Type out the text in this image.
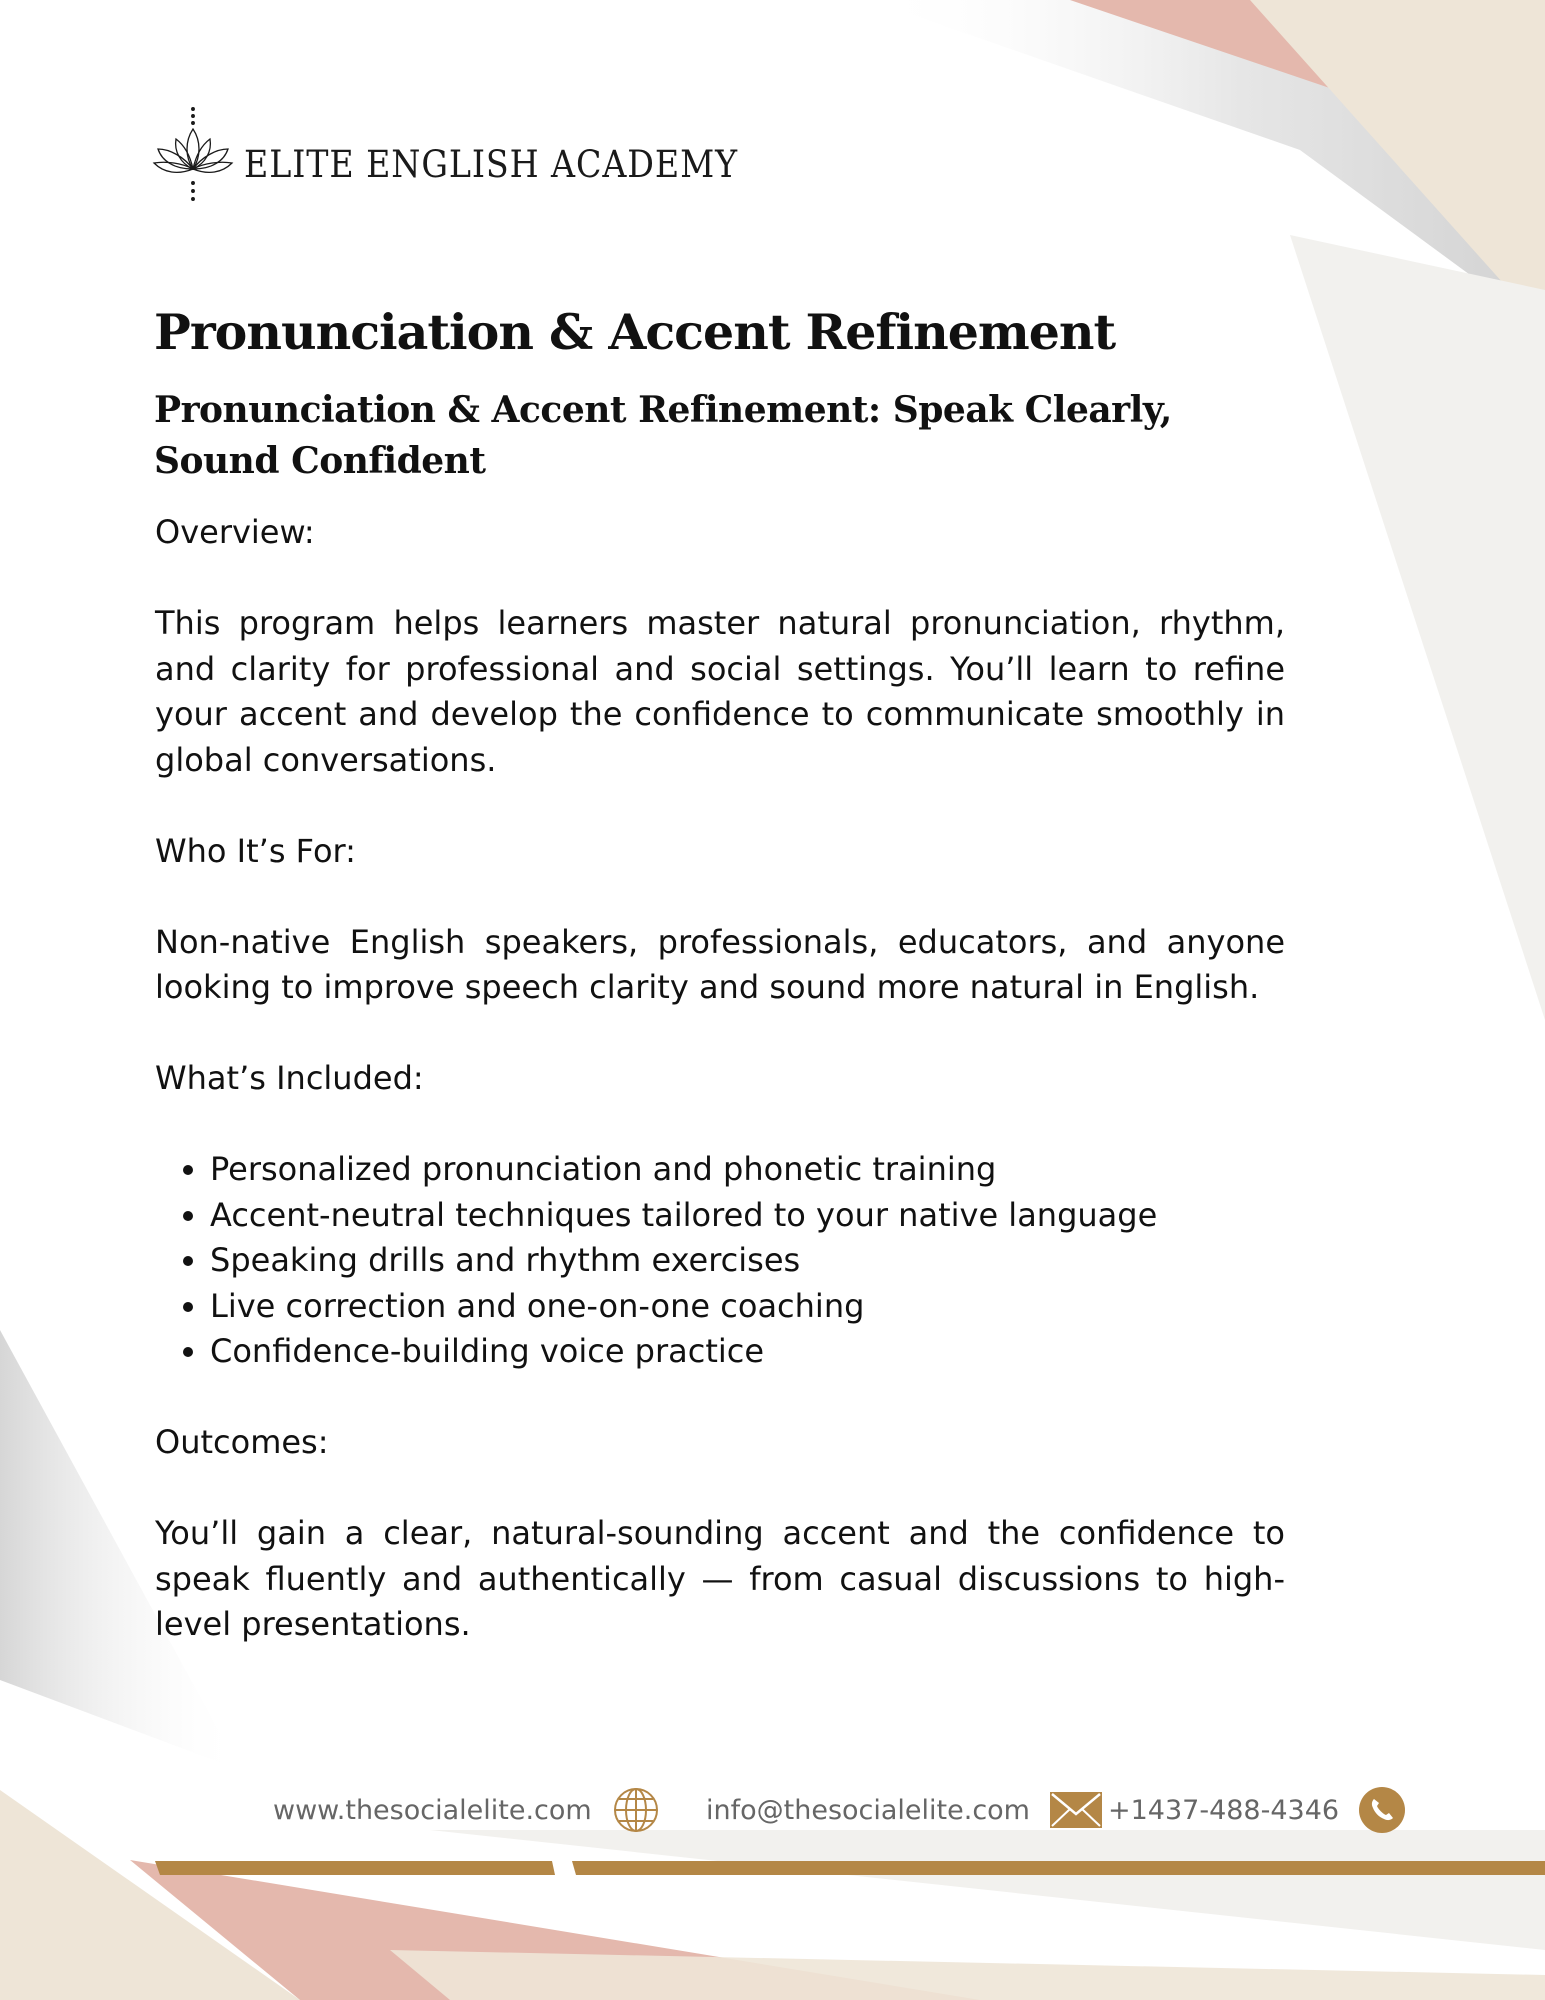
ELITE ENGLISH ACADEMY
Pronunciation & Accent Refinement
Pronunciation & Accent Refinement: Speak Clearly, Sound Confident

Overview:

This program helps learners master natural pronunciation, rhythm, and clarity for professional and social settings. You’ll learn to refine your accent and develop the confidence to communicate smoothly in global conversations.

Who It’s For:

Non-native English speakers, professionals, educators, and anyone looking to improve speech clarity and sound more natural in English.

What’s Included:

• Personalized pronunciation and phonetic training
• Accent-neutral techniques tailored to your native language
• Speaking drills and rhythm exercises
• Live correction and one-on-one coaching
• Confidence-building voice practice

Outcomes:

You’ll gain a clear, natural-sounding accent and the confidence to speak fluently and authentically — from casual discussions to high-level presentations.

www.thesocialelite.com	info@thesocialelite.com	+1437-488-4346
